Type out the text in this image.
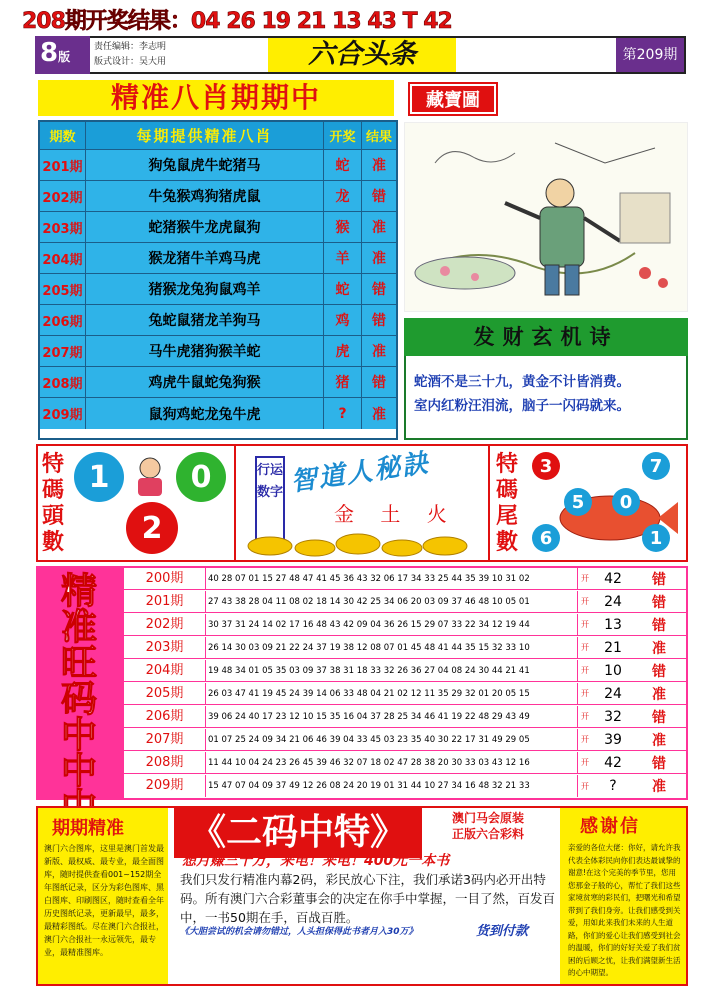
208期开奖结果：04 26 19 21 13 43 T 42
8版
责任编辑：李志明
版式设计：吴大用	六合头条	第209期
精准八肖期期中	藏寶圖
期数	每期提供精准八肖	开奖 结果
201期	狗兔鼠虎牛蛇猪马	蛇	准
202期	牛兔猴鸡狗猪虎鼠	龙	错
203期	蛇猪猴牛龙虎鼠狗	猴	准
204期	猴龙猪牛羊鸡马虎	羊	准
205期	猪猴龙兔狗鼠鸡羊	蛇	错
206期	兔蛇鼠猪龙羊狗马	鸡	错
207期	马牛虎猪狗猴羊蛇	虎	准
208期	鸡虎牛鼠蛇兔狗猴	猪	错
209期	鼠狗鸡蛇龙兔牛虎	?	准
发财玄机诗
蛇酒不是三十九，黄金不计皆消费。
室内红粉汪泪流，脑子一闪码就来。
特碼頭數
1	0
2
行运数字 智道人秘訣
金 土 火
特碼尾數
3	7
5	0
6	1
精准旺码中中
200期	40 28 07 01 15 27 48 47 41 45 36 43 32 06 17 34 33 25 44 35 39 10 31 02	开	42	错
201期	27 43 38 28 04 11 08 02 18 14 30 42 25 34 06 20 03 09 37 46 48 10 05 01	开	24	错
202期	30 37 31 24 14 02 17 16 48 43 42 09 04 36 26 15 29 07 33 22 34 12 19 44	开	13	错
203期	26 14 30 03 09 21 22 24 37 19 38 12 08 07 01 45 48 41 44 35 15 32 33 10	开	21	准
204期	19 48 34 01 05 35 03 09 37 38 31 18 33 32 26 36 27 04 08 24 30 44 21 41	开	10	错
205期	26 03 47 41 19 45 24 39 14 06 33 48 04 21 02 12 11 35 29 32 01 20 05 15	开	24	准
206期	39 06 24 40 17 23 12 10 15 35 16 04 37 28 25 34 46 41 19 22 48 29 43 49	开	32	错
207期	01 07 25 24 09 34 21 06 46 39 04 33 45 03 23 35 40 30 22 17 31 49 29 05	开	39	准
208期	11 44 10 04 24 23 26 45 39 46 32 07 18 02 47 28 38 20 30 33 03 43 12 16	开	42	错
209期	15 47 07 04 09 37 49 12 26 08 24 20 19 01 31 44 10 27 34 16 48 32 21 33	开	?	准
期期精准
澳门六合图库，这里是澳门首发最新版、最权威、最专业，最全面图库，随时提供查看001~152期全年图纸记录，区分为彩色图库、黑白图库、印刷图区，随时查看全年历史图纸记录，更新最早，最多，最精彩图纸。尽在澳门六合报社，澳门六合报社一永远领先，最专业，最精准图库。
《二码中特》	澳门马会原装
正版六合彩料
想月赚三十万，来电！来电！400元一本书
我们只发行精准内幕2码，彩民放心下注，我们承诺3码内必开出特码。所有澳门六合彩董事会的决定在你手中掌握，一目了然，百发百中，一书50期在手，百战百胜。
《大胆尝试的机会请勿错过，人头担保得此书者月入30万》	货到付款
感谢信
亲爱的各位大佬：你好，请允许我代表全体彩民向你们表达最诚挚的谢意!在这个完美的季节里，您用您那金子般的心，帮忙了我们这些家境贫寒的彩民们，把曙光和希望带到了我们身旁。让我们感受到关爱，用如此来我们未来的人生道路，你们的爱心让我们感受到社会的温暖，你们的好好关爱了我们贫困的后顾之忧，让我们满望新生活的心中期望。
